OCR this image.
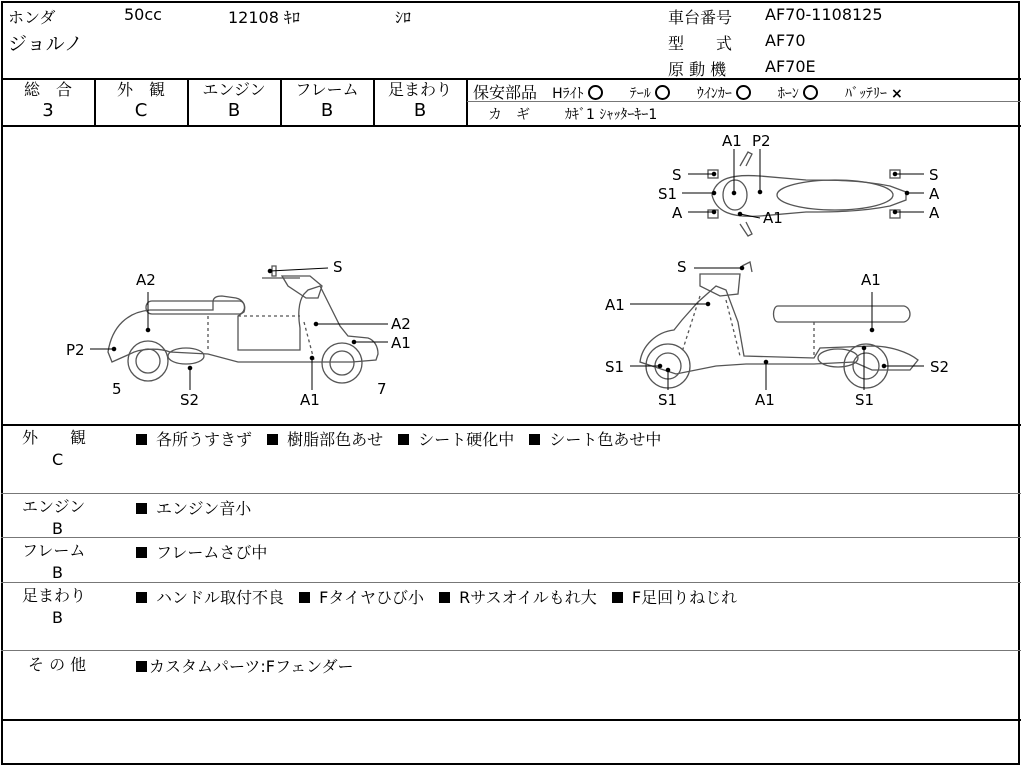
ホンダ	50cc	12108 ｷﾛ	ｼﾛ
ジョルノ
車台番号 AF70-1108125
型　　式 AF70
原 動 機 AF70E
総　合
3
外　観
C
エンジン
B
フレーム
B
足まわり
B
保安部品 Hﾗｲﾄ	ﾃｰﾙ	ｳｲﾝｶｰ	ﾎｰﾝ	ﾊﾞｯﾃﾘｰ ×
カ　ギ	ｶｷﾞ1 ｼｬｯﾀｰｷｰ1
A2
P2
S
A2
A1
5
S2	A1
7
A1 P2
S
S1
A	A1
S
A
A
S
A1
A1
S1
S1	A1
S2
S1
外　　観
C
各所うすきず 樹脂部色あせ シート硬化中 シート色あせ中
エンジン
B
エンジン音小
フレーム
B
フレームさび中
足まわり
B
ハンドル取付不良 Fタイヤひび小 Rサスオイルもれ大 F足回りねじれ
そ の 他	カスタムパーツ:Fフェンダー
